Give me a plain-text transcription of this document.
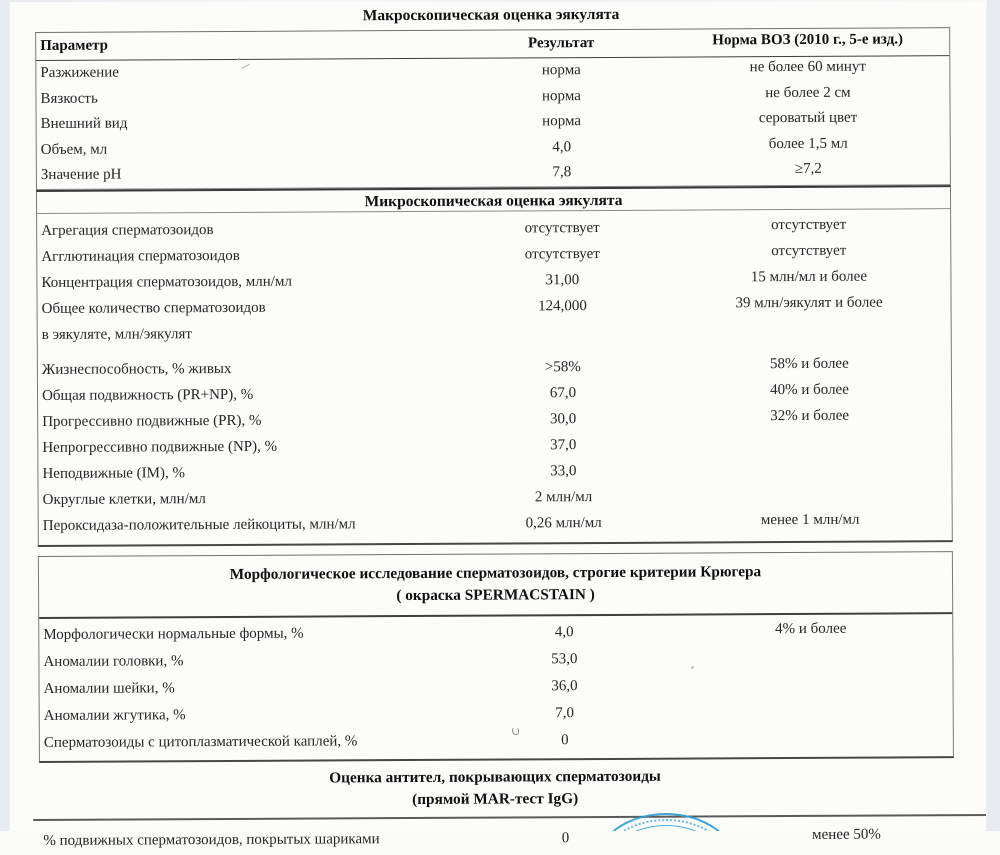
Макроскопическая оценка эякулята
Параметр	Результат	Норма ВОЗ (2010 г., 5-е изд.)
Разжижение	норма	не более 60 минут
Вязкость	норма	не более 2 см
Внешний вид	норма	сероватый цвет
Объем, мл	4,0	более 1,5 мл
Значение рН	7,8	≥7,2
Микроскопическая оценка эякулята
Агрегация сперматозоидов	отсутствует	отсутствует
Агглютинация сперматозоидов	отсутствует	отсутствует
Концентрация сперматозоидов, млн/мл	31,00	15 млн/мл и более
Общее количество сперматозоидов
в эякуляте, млн/эякулят
124,000	39 млн/эякулят и более
Жизнеспособность, % живых	>58%	58% и более
Общая подвижность (PR+NP), %	67,0	40% и более
Прогрессивно подвижные (PR), %	30,0	32% и более
Непрогрессивно подвижные (NP), %	37,0
Неподвижные (IM), %	33,0
Округлые клетки, млн/мл	2 млн/мл
Пероксидаза-положительные лейкоциты, млн/мл	0,26 млн/мл	менее 1 млн/мл
Морфологическое исследование сперматозоидов, строгие критерии Крюгера
( окраска SPERMACSTAIN )
Морфологически нормальные формы, %	4,0	4% и более
Аномалии головки, %	53,0
Аномалии шейки, %	36,0
Аномалии жгутика, %	7,0
Сперматозоиды с цитоплазматической каплей, %	0
Оценка антител, покрывающих сперматозоиды
(прямой MAR-тест IgG)
% подвижных сперматозоидов, покрытых шариками	0	менее 50%
